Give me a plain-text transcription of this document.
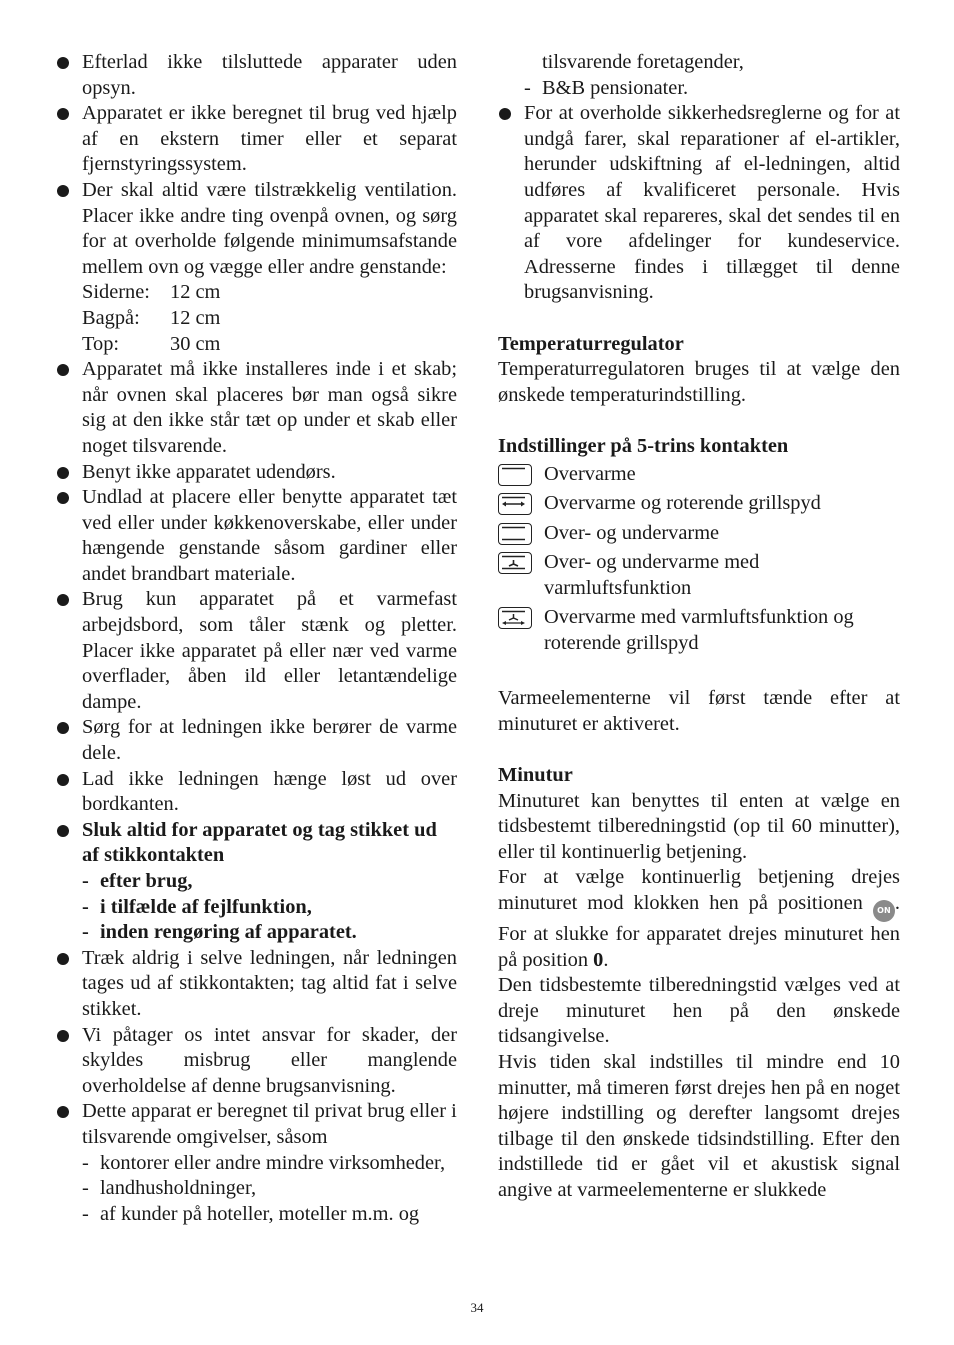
Efterlad ikke tilsluttede apparater uden opsyn.
Apparatet er ikke beregnet til brug ved hjælp af en ekstern timer eller et separat fjernstyringssystem.
Der skal altid være tilstrækkelig ventilation. Placer ikke andre ting ovenpå ovnen, og sørg for at overholde følgende minimumsafstande mellem ovn og vægge eller andre genstande:
Siderne: 12 cm
Bagpå:	12 cm
Top:	30 cm
Apparatet må ikke installeres inde i et skab; når ovnen skal placeres bør man også sikre sig at den ikke står tæt op under et skab eller noget tilsvarende.
Benyt ikke apparatet udendørs.
Undlad at placere eller benytte apparatet tæt ved eller under køkkenoverskabe, eller under hængende genstande såsom gardiner eller andet brandbart materiale.
Brug kun apparatet på et varmefast arbejdsbord, som tåler stænk og pletter. Placer ikke apparatet på eller nær ved varme overflader, åben ild eller letantændelige dampe.
Sørg for at ledningen ikke berører de varme dele.
Lad ikke ledningen hænge løst ud over bordkanten.
Sluk altid for apparatet og tag stikket ud af stikkontakten
- efter brug,
- i tilfælde af fejlfunktion,
- inden rengøring af apparatet.
Træk aldrig i selve ledningen, når ledningen tages ud af stikkontakten; tag altid fat i selve stikket.
Vi påtager os intet ansvar for skader, der skyldes misbrug eller manglende overholdelse af denne brugsanvisning.
Dette apparat er beregnet til privat brug eller i tilsvarende omgivelser, såsom
- kontorer eller andre mindre virksomheder,
- landhusholdninger,
- af kunder på hoteller, moteller m.m. og
tilsvarende foretagender,
- B&B pensionater.
For at overholde sikkerhedsreglerne og for at undgå farer, skal reparationer af el-artikler, herunder udskiftning af el-ledningen, altid udføres af kvalificeret personale. Hvis apparatet skal repareres, skal det sendes til en af vore afdelinger for kundeservice. Adresserne findes i tillægget til denne brugsanvisning.
Temperaturregulator
Temperaturregulatoren bruges til at vælge den ønskede temperaturindstilling.
Indstillinger på 5-trins kontakten
Overvarme
Overvarme og roterende grillspyd
Over- og undervarme
Over- og undervarme med varmluftsfunktion
Overvarme med varmluftsfunktion og roterende grillspyd
Varmeelementerne vil først tænde efter at minuturet er aktiveret.
Minutur
Minuturet kan benyttes til enten at vælge en tidsbestemt tilberedningstid (op til 60 minutter), eller til kontinuerlig betjening.
For at vælge kontinuerlig betjening drejes minuturet mod klokken hen på positionen ON . For at slukke for apparatet drejes minuturet hen på position 0.
Den tidsbestemte tilberedningstid vælges ved at dreje minuturet hen på den ønskede tidsangivelse.
Hvis tiden skal indstilles til mindre end 10 minutter, må timeren først drejes hen på en noget højere indstilling og derefter langsomt drejes tilbage til den ønskede tidsindstilling. Efter den indstillede tid er gået vil et akustisk signal angive at varmeelementerne er slukkede
34
